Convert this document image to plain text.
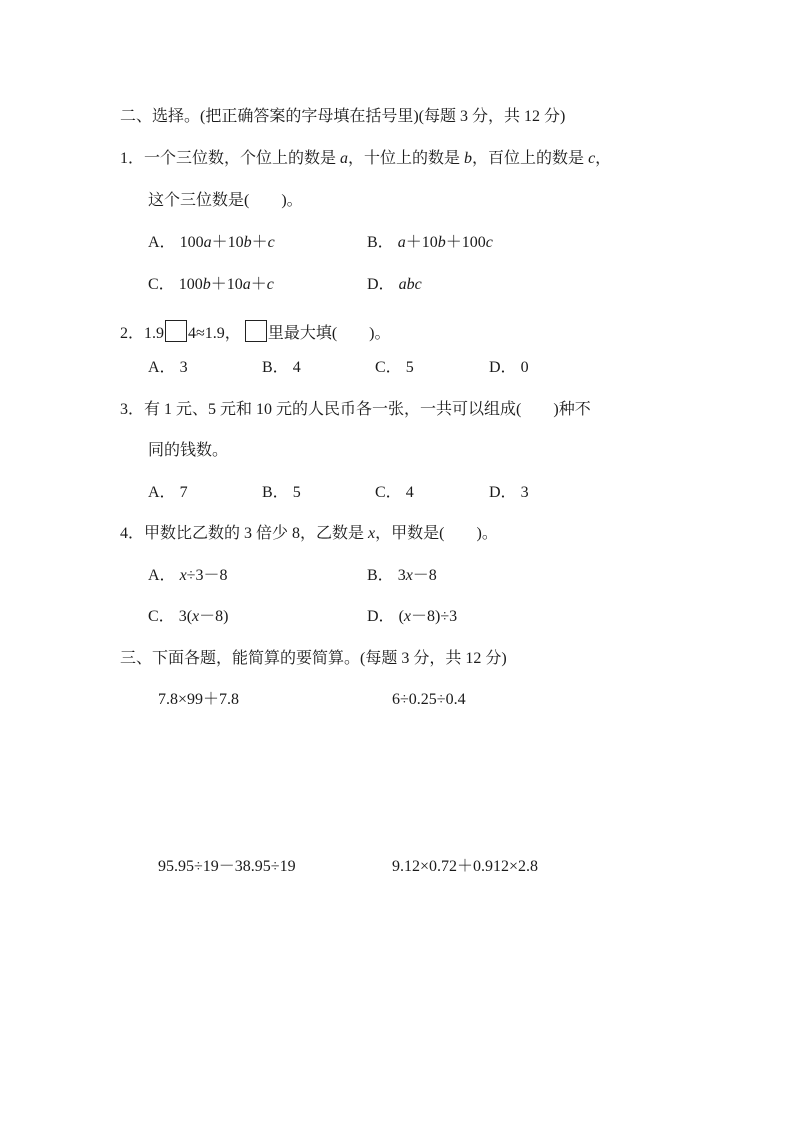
二、选择。(把正确答案的字母填在括号里)(每题 3 分，共 12 分)
1．一个三位数，个位上的数是 a，十位上的数是 b，百位上的数是 c，
这个三位数是( )。
A． 100a＋10b＋c	B． a＋10b＋100c
C． 100b＋10a＋c	D． abc
2．1.9 4≈1.9， 里最大填( )。
A． 3	B． 4	C． 5	D． 0
3．有 1 元、5 元和 10 元的人民币各一张，一共可以组成( )种不
同的钱数。
A． 7	B． 5	C． 4	D． 3
4．甲数比乙数的 3 倍少 8，乙数是 x，甲数是( )。
A． x÷3－8	B． 3x－8
C． 3(x－8)	D． (x－8)÷3
三、下面各题，能简算的要简算。(每题 3 分，共 12 分)
7.8×99＋7.8	6÷0.25÷0.4
95.95÷19－38.95÷19	9.12×0.72＋0.912×2.8
